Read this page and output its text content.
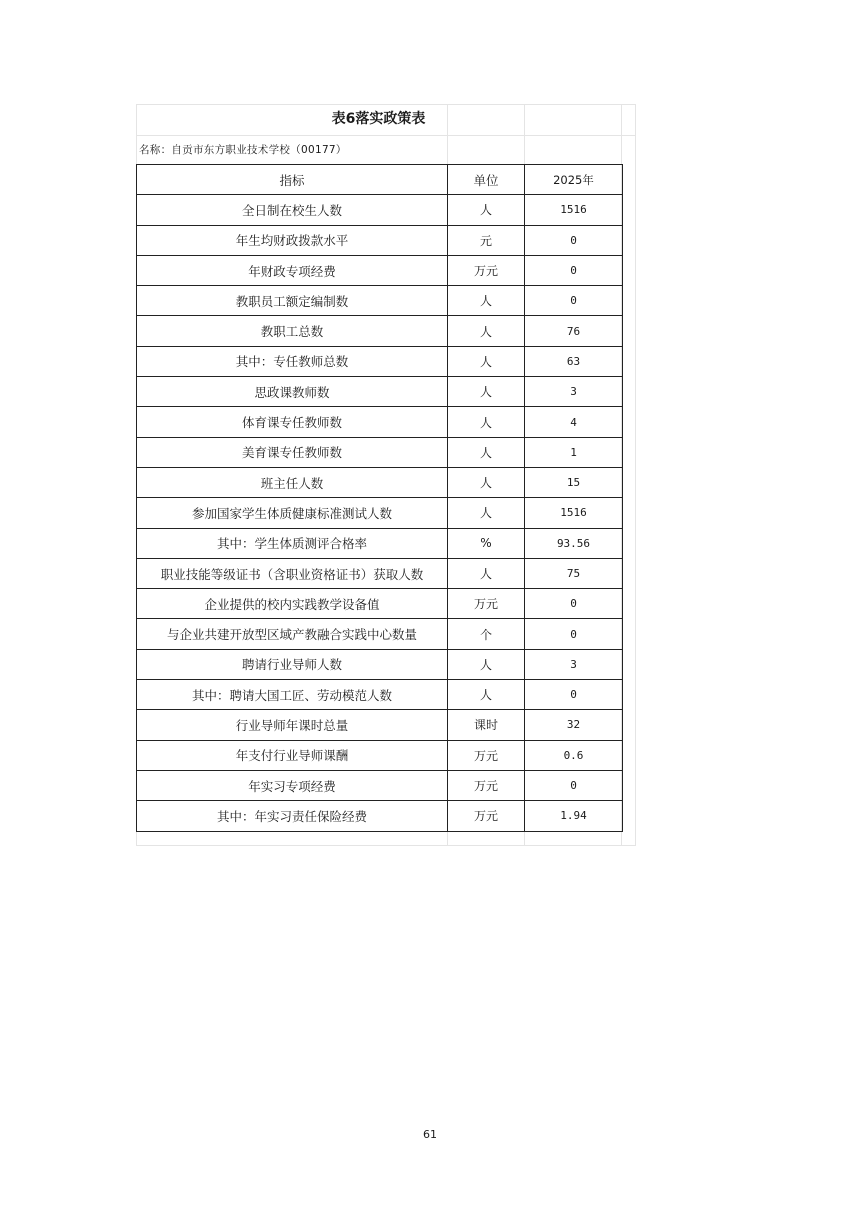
表6落实政策表
名称：自贡市东方职业技术学校（00177）
指标	单位	2025年
全日制在校生人数	人	1516
年生均财政拨款水平	元	0
年财政专项经费	万元	0
教职员工额定编制数	人	0
教职工总数	人	76
其中：专任教师总数	人	63
思政课教师数	人	3
体育课专任教师数	人	4
美育课专任教师数	人	1
班主任人数	人	15
参加国家学生体质健康标准测试人数	人	1516
其中：学生体质测评合格率	%	93.56
职业技能等级证书（含职业资格证书）获取人数	人	75
企业提供的校内实践教学设备值	万元	0
与企业共建开放型区域产教融合实践中心数量	个	0
聘请行业导师人数	人	3
其中：聘请大国工匠、劳动模范人数	人	0
行业导师年课时总量	课时	32
年支付行业导师课酬	万元	0.6
年实习专项经费	万元	0
其中：年实习责任保险经费	万元	1.94
61
